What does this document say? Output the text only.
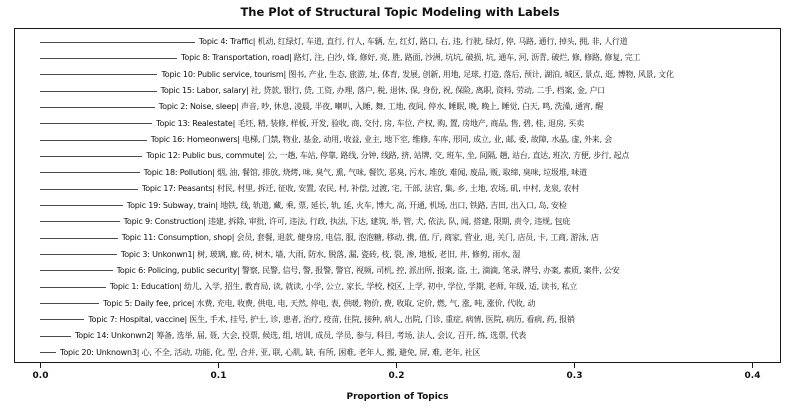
The Plot of Structural Topic Modeling with Labels
Topic 4: Traffic| 机动, 红绿灯, 车道, 直行, 行人, 车辆, 左, 红灯, 路口, 右, 违, 行驶, 绿灯, 停, 马路, 通行, 掉头, 拥, 非, 人行道
Topic 8: Transportation, road| 路灯, 注, 白沙, 烽, 修好, 亮, 胜, 路面, 沙洲, 坑坑, 破损, 坑, 通车, 河, 沥青, 破烂, 修, 修路, 修复, 完工
Topic 10: Public service, tourism| 图书, 产业, 生态, 旅游, 址, 体育, 发展, 创新, 用地, 足球, 打造, 落后, 预计, 湖泊, 城区, 景点, 逛, 博物, 风景, 文化
Topic 15: Labor, salary| 社, 贷款, 银行, 贷, 工资, 办理, 落户, 税, 退休, 保, 身份, 祝, 保险, 离职, 资料, 劳动, 二手, 档案, 金, 户口
Topic 2: Noise, sleep| 声音, 吵, 休息, 凌晨, 半夜, 喇叭, 入睡, 舞, 工地, 夜间, 停水, 睡眠, 晚, 晚上, 睡觉, 白天, 鸣, 洗澡, 通宵, 醒
Topic 13: Realestate| 毛坯, 精, 装修, 样板, 开发, 验收, 商, 交付, 房, 车位, 产权, 购, 置, 房地产, 商品, 售, 碧, 桂, 退房, 买卖
Topic 16: Homeonwers| 电梯, 门禁, 物业, 基金, 动用, 收益, 业主, 地下室, 维修, 车库, 形同, 成立, 业, 邮, 委, 故障, 水晶, 虚, 外来, 会
Topic 12: Public bus, commute| 公, 一趟, 车站, 停靠, 路线, 分钟, 线路, 挤, 站牌, 交, 班车, 坐, 间隔, 趟, 站台, 直达, 班次, 方便, 步行, 起点
Topic 18: Pollution| 烟, 油, 餐馆, 排放, 烧烤, 味, 臭气, 熏, 气味, 餐饮, 恶臭, 污水, 堆放, 难闻, 废品, 贩, 取缔, 臭味, 垃圾堆, 味道
Topic 17: Peasants| 村民, 村里, 拆迁, 征收, 安置, 农民, 村, 补偿, 过渡, 宅, 干部, 法官, 集, 乡, 土地, 农场, 矶, 中村, 龙泉, 农村
Topic 19: Subway, train| 地铁, 线, 轨道, 藏, 乘, 票, 延长, 轨, 延, 火车, 博大, 高, 开通, 机场, 出口, 铁路, 吉田, 出入口, 岛, 安检
Topic 9: Construction| 违建, 拆除, 审批, 许可, 违法, 行政, 执法, 下达, 建筑, 举, 管, 犬, 依法, 队, 闻, 搭建, 限期, 责令, 违规, 包庇
Topic 11: Consumption, shop| 会员, 套餐, 退款, 健身房, 电信, 服, 泡泡糖, 移动, 携, 值, 厅, 商家, 营业, 退, 关门, 店员, 卡, 工商, 游泳, 店
Topic 3: Unkonwn1| 树, 玻璃, 廊, 砖, 树木, 墙, 大雨, 防水, 脱落, 漏, 瓷砖, 枝, 裂, 渗, 地板, 老旧, 井, 修剪, 雨水, 湿
Topic 6: Policing, public security| 警察, 民警, 信号, 警, 报警, 警官, 视频, 司机, 控, 派出所, 报案, 盗, 士, 滴滴, 笔录, 牌号, 办案, 素质, 案件, 公安
Topic 1: Education| 幼儿, 入学, 招生, 教育局, 读, 就读, 小学, 公立, 家长, 学校, 校区, 上学, 初中, 学位, 学期, 老师, 年级, 适, 读书, 私立
Topic 5: Daily fee, price| 水费, 充电, 收费, 供电, 电, 天然, 停电, 表, 供暖, 物价, 费, 收取, 定价, 燃, 气, 涨, 吨, 涨价, 代收, 动
Topic 7: Hospital, vaccine| 医生, 手术, 挂号, 护士, 诊, 患者, 治疗, 疫苗, 住院, 接种, 病人, 出院, 门诊, 重症, 病情, 医院, 病历, 看病, 药, 报销
Topic 14: Unkonwn2| 筹备, 选举, 届, 聂, 大会, 投票, 候选, 组, 培训, 成员, 学员, 参与, 科目, 考场, 法人, 会议, 召开, 练, 选票, 代表
Topic 20: Unknown3| 心, 不全, 活动, 功能, 化, 型, 合并, 亚, 联, 心肌, 缺, 有所, 困难, 老年人, 搬, 避免, 屏, 难, 老年, 社区
0.0	0.1	0.2	0.3	0.4
Proportion of Topics
